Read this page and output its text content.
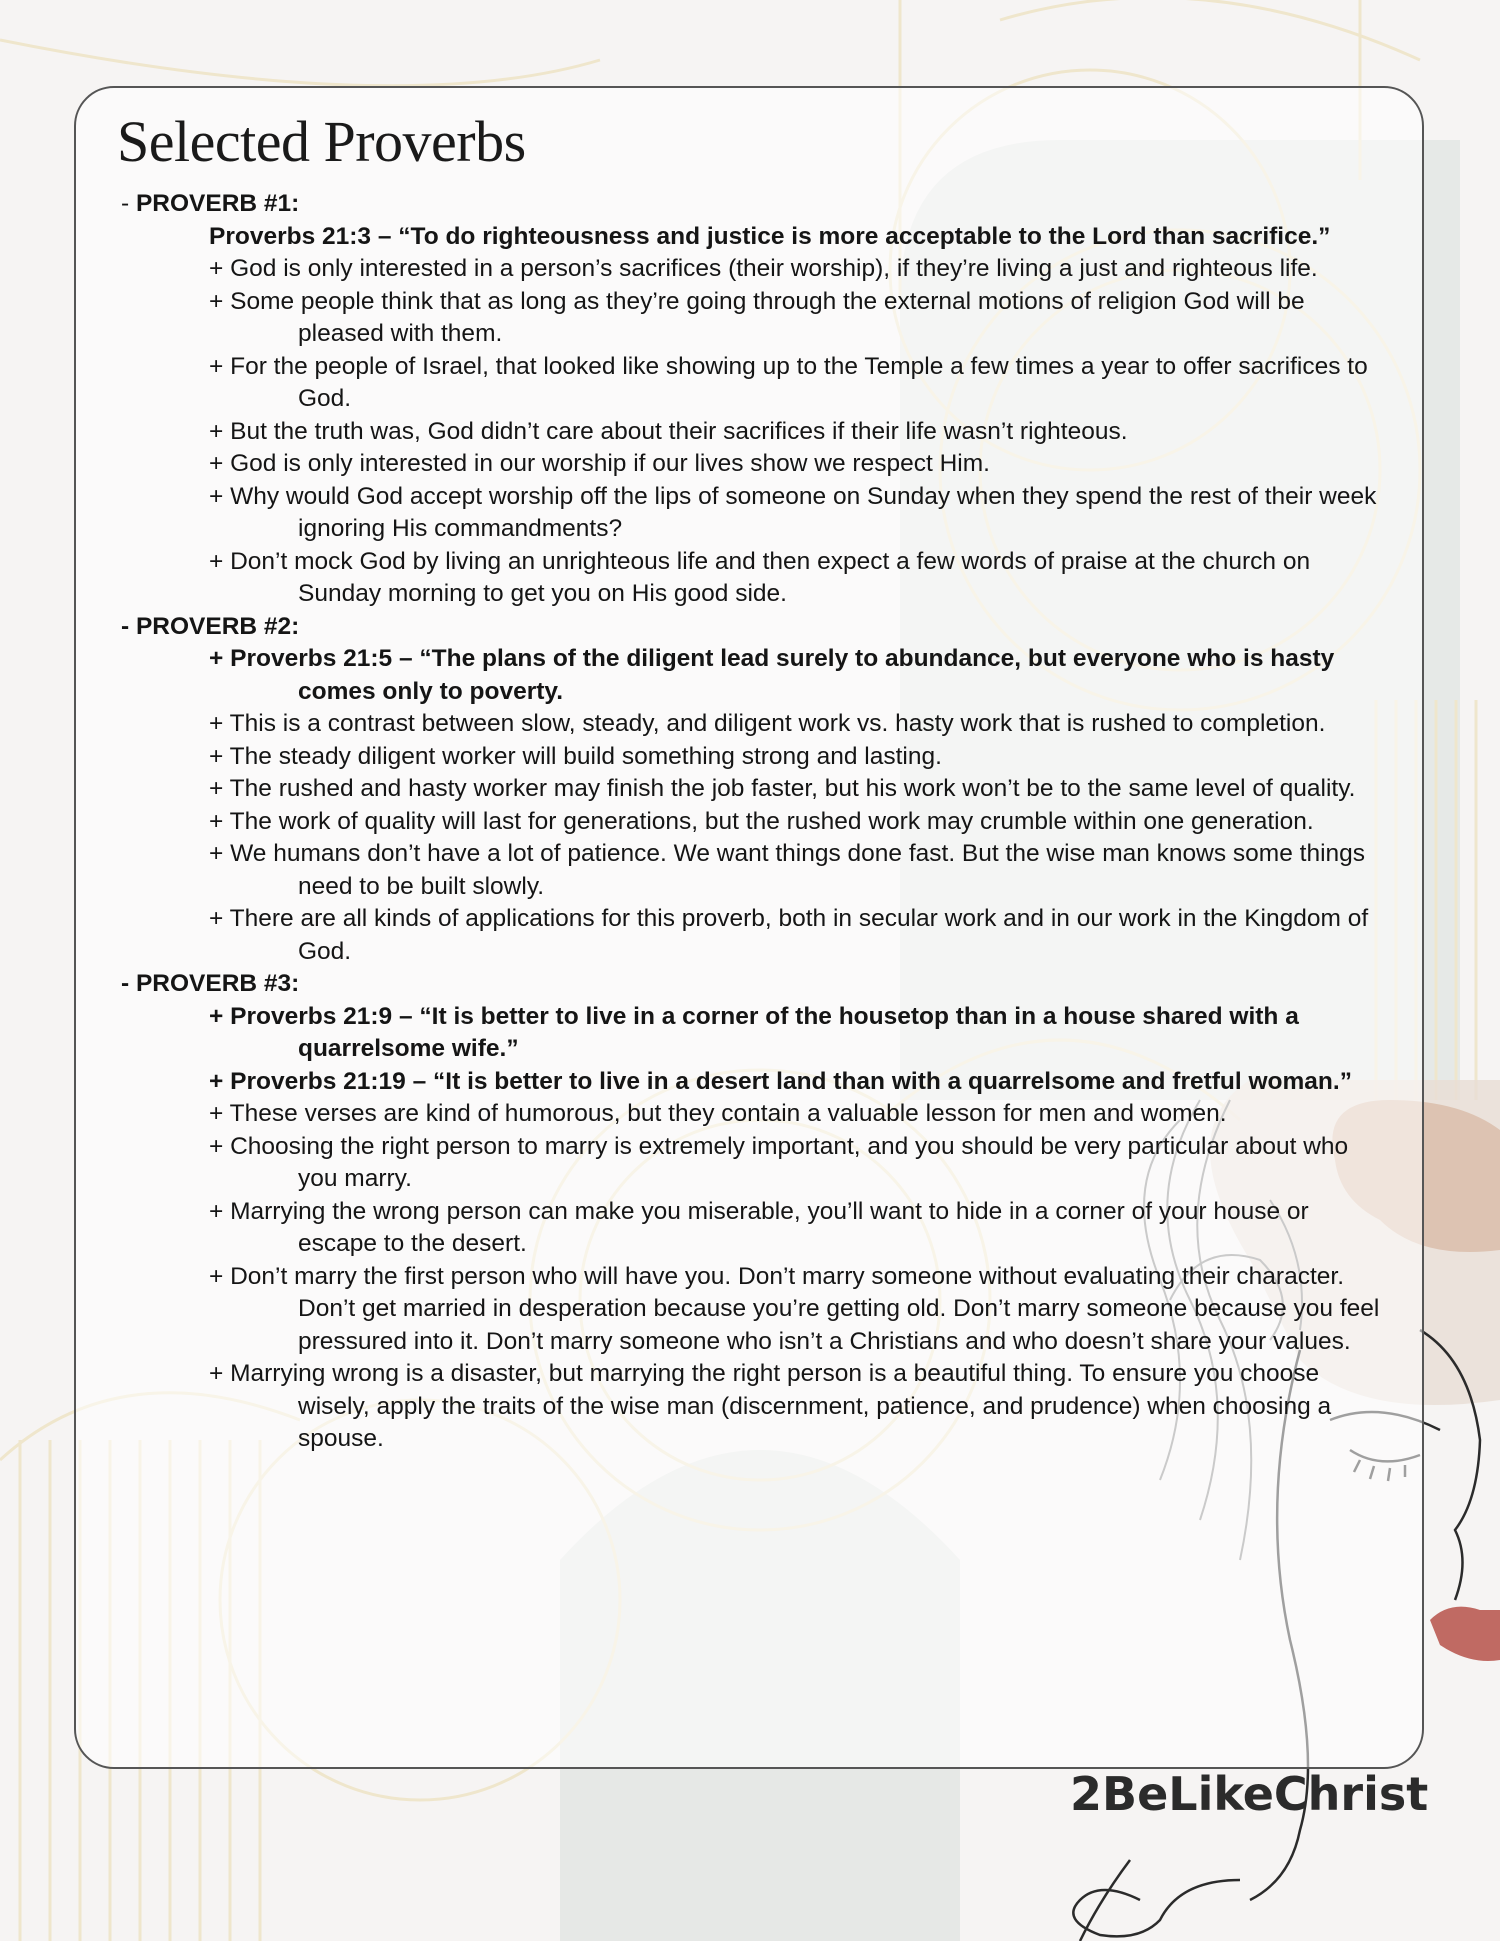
Selected Proverbs

- PROVERB #1:

Proverbs 21:3 – “To do righteousness and justice is more acceptable to the Lord than sacrifice.”

+ God is only interested in a person’s sacrifices (their worship), if they’re living a just and righteous life.

+ Some people think that as long as they’re going through the external motions of religion God will be pleased with them.

+ For the people of Israel, that looked like showing up to the Temple a few times a year to offer sacrifices to God.

+ But the truth was, God didn’t care about their sacrifices if their life wasn’t righteous.

+ God is only interested in our worship if our lives show we respect Him.

+ Why would God accept worship off the lips of someone on Sunday when they spend the rest of their week ignoring His commandments?

+ Don’t mock God by living an unrighteous life and then expect a few words of praise at the church on Sunday morning to get you on His good side.

- PROVERB #2:

+ Proverbs 21:5 – “The plans of the diligent lead surely to abundance, but everyone who is hasty comes only to poverty.

+ This is a contrast between slow, steady, and diligent work vs. hasty work that is rushed to completion.

+ The steady diligent worker will build something strong and lasting.

+ The rushed and hasty worker may finish the job faster, but his work won’t be to the same level of quality.

+ The work of quality will last for generations, but the rushed work may crumble within one generation.

+ We humans don’t have a lot of patience. We want things done fast. But the wise man knows some things need to be built slowly.

+ There are all kinds of applications for this proverb, both in secular work and in our work in the Kingdom of God.

- PROVERB #3:

+ Proverbs 21:9 – “It is better to live in a corner of the housetop than in a house shared with a quarrelsome wife.”

+ Proverbs 21:19 – “It is better to live in a desert land than with a quarrelsome and fretful woman.”

+ These verses are kind of humorous, but they contain a valuable lesson for men and women.

+ Choosing the right person to marry is extremely important, and you should be very particular about who you marry.

+ Marrying the wrong person can make you miserable, you’ll want to hide in a corner of your house or escape to the desert.

+ Don’t marry the first person who will have you. Don’t marry someone without evaluating their character. Don’t get married in desperation because you’re getting old. Don’t marry someone because you feel pressured into it. Don’t marry someone who isn’t a Christians and who doesn’t share your values.

+ Marrying wrong is a disaster, but marrying the right person is a beautiful thing. To ensure you choose wisely, apply the traits of the wise man (discernment, patience, and prudence) when choosing a spouse.

2BeLikeChrist
